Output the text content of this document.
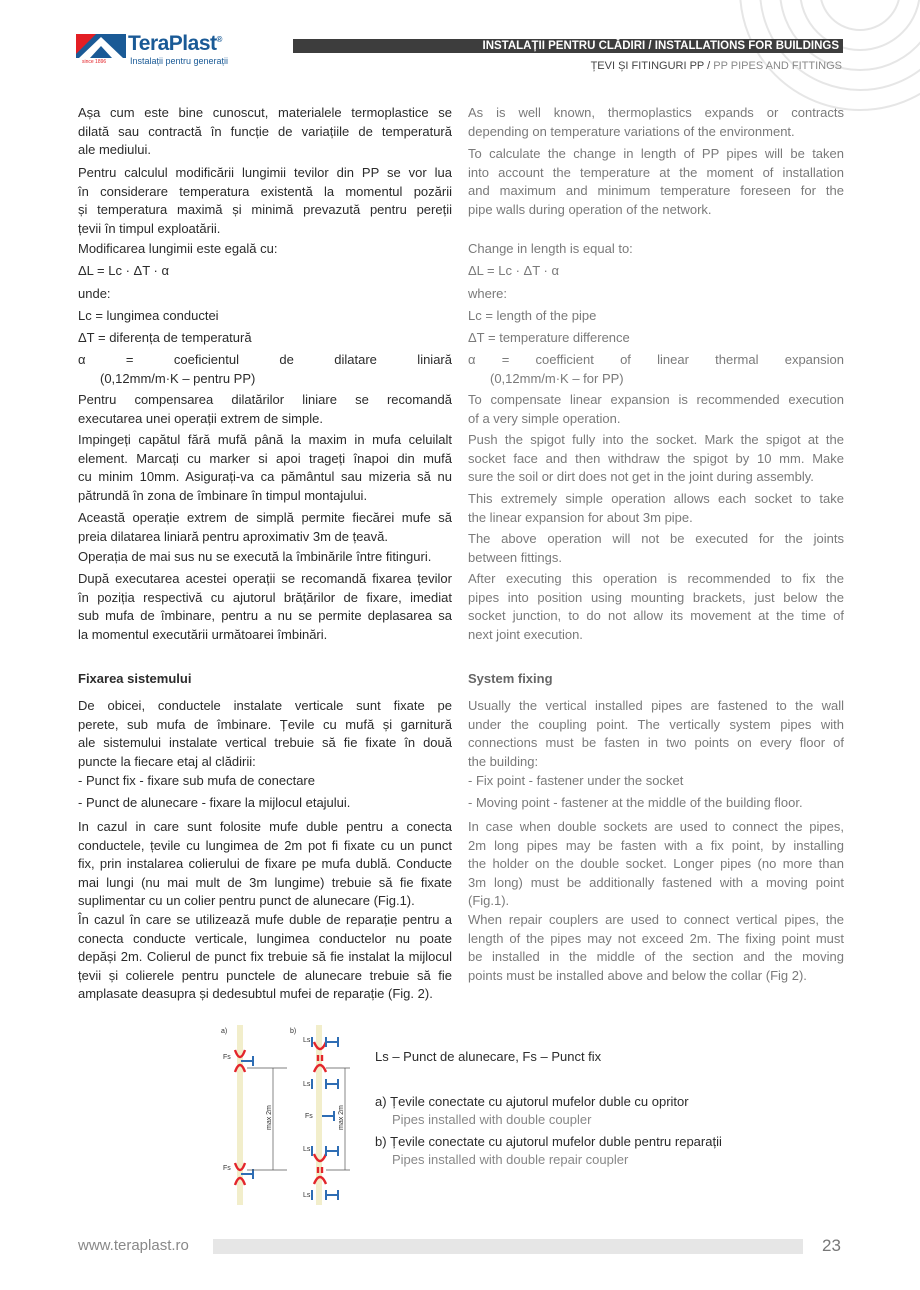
since 1896
TeraPlast®
Instalații pentru generații
INSTALAȚII PENTRU CLĂDIRI / INSTALLATIONS FOR BUILDINGS
ȚEVI ȘI FITINGURI PP / PP PIPES AND FITTINGS
Așa cum este bine cunoscut, materialele termoplastice se
dilată sau contractă în funcție de variațiile de temperatură
ale mediului.
Pentru calculul modificării lungimii tevilor din PP se vor lua
în considerare temperatura existentă la momentul pozării
și temperatura maximă și minimă prevazută pentru pereții
țevii în timpul exploatării.
Modificarea lungimii este egală cu:
ΔL = Lc · ΔT · α
unde:
Lc = lungimea conductei
ΔT = diferența de temperatură
α = coeficientul de dilatare liniară
(0,12mm/m·K – pentru PP)
Pentru compensarea dilatărilor liniare se recomandă
executarea unei operații extrem de simple.
Impingeți capătul fără mufă până la maxim in mufa celuilalt
element. Marcați cu marker si apoi trageți înapoi din mufă
cu minim 10mm. Asigurați-va ca pământul sau mizeria să nu
pătrundă în zona de îmbinare în timpul montajului.
Această operație extrem de simplă permite fiecărei mufe să
preia dilatarea liniară pentru aproximativ 3m de țeavă.
Operația de mai sus nu se execută la îmbinările între fitinguri.
După executarea acestei operații se recomandă fixarea țevilor
în poziția respectivă cu ajutorul brățărilor de fixare, imediat
sub mufa de îmbinare, pentru a nu se permite deplasarea sa
la momentul executării următoarei îmbinări.
Fixarea sistemului
De obicei, conductele instalate verticale sunt fixate pe
perete, sub mufa de îmbinare. Țevile cu mufă și garnitură
ale sistemului instalate vertical trebuie să fie fixate în două
puncte la fiecare etaj al clădirii:
- Punct fix - fixare sub mufa de conectare
- Punct de alunecare - fixare la mijlocul etajului.
In cazul in care sunt folosite mufe duble pentru a conecta
conductele, țevile cu lungimea de 2m pot fi fixate cu un punct
fix, prin instalarea colierului de fixare pe mufa dublă. Conducte
mai lungi (nu mai mult de 3m lungime) trebuie să fie fixate
suplimentar cu un colier pentru punct de alunecare (Fig.1).
În cazul în care se utilizează mufe duble de reparație pentru a
conecta conducte verticale, lungimea conductelor nu poate
depăși 2m. Colierul de punct fix trebuie să fie instalat la mijlocul
țevii și colierele pentru punctele de alunecare trebuie să fie
amplasate deasupra și dedesubtul mufei de reparație (Fig. 2).
As is well known, thermoplastics expands or contracts
depending on temperature variations of the environment.
To calculate the change in length of PP pipes will be taken
into account the temperature at the moment of installation
and maximum and minimum temperature foreseen for the
pipe walls during operation of the network.
Change in length is equal to:
ΔL = Lc · ΔT · α
where:
Lc = length of the pipe
ΔT = temperature difference
α = coefficient of linear thermal expansion
(0,12mm/m·K – for PP)
To compensate linear expansion is recommended execution
of a very simple operation.
Push the spigot fully into the socket. Mark the spigot at the
socket face and then withdraw the spigot by 10 mm. Make
sure the soil or dirt does not get in the joint during assembly.
This extremely simple operation allows each socket to take
the linear expansion for about 3m pipe.
The above operation will not be executed for the joints
between fittings.
After executing this operation is recommended to fix the
pipes into position using mounting brackets, just below the
socket junction, to do not allow its movement at the time of
next joint execution.
System fixing
Usually the vertical installed pipes are fastened to the wall
under the coupling point. The vertically system pipes with
connections must be fasten in two points on every floor of
the building:
- Fix point - fastener under the socket
- Moving point - fastener at the middle of the building floor.
In case when double sockets are used to connect the pipes,
2m long pipes may be fasten with a fix point, by installing
the holder on the double socket. Longer pipes (no more than
3m long) must be additionally fastened with a moving point
(Fig.1).
When repair couplers are used to connect vertical pipes, the
length of the pipes may not exceed 2m. The fixing point must
be installed in the middle of the section and the moving
points must be installed above and below the collar (Fig 2).
a)	b)
Fs
Fs
Ls
Ls
Fs
Ls
Ls
max 2m	max 2m
Ls – Punct de alunecare, Fs – Punct fix
a) Țevile conectate cu ajutorul mufelor duble cu opritor
Pipes installed with double coupler
b) Țevile conectate cu ajutorul mufelor duble pentru reparații
Pipes installed with double repair coupler
www.teraplast.ro	23
